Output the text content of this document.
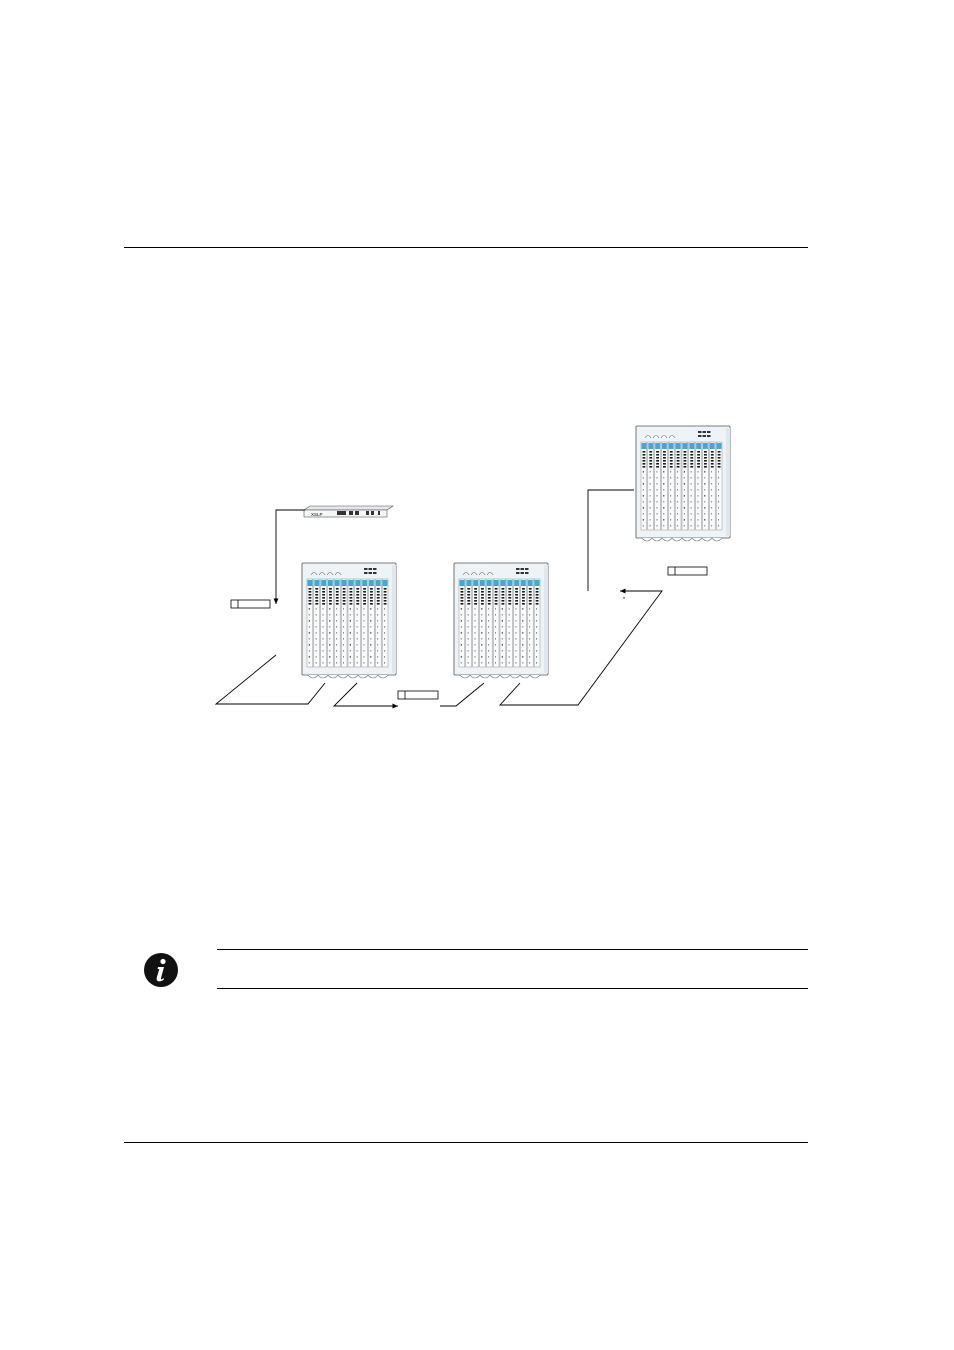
XSLP
